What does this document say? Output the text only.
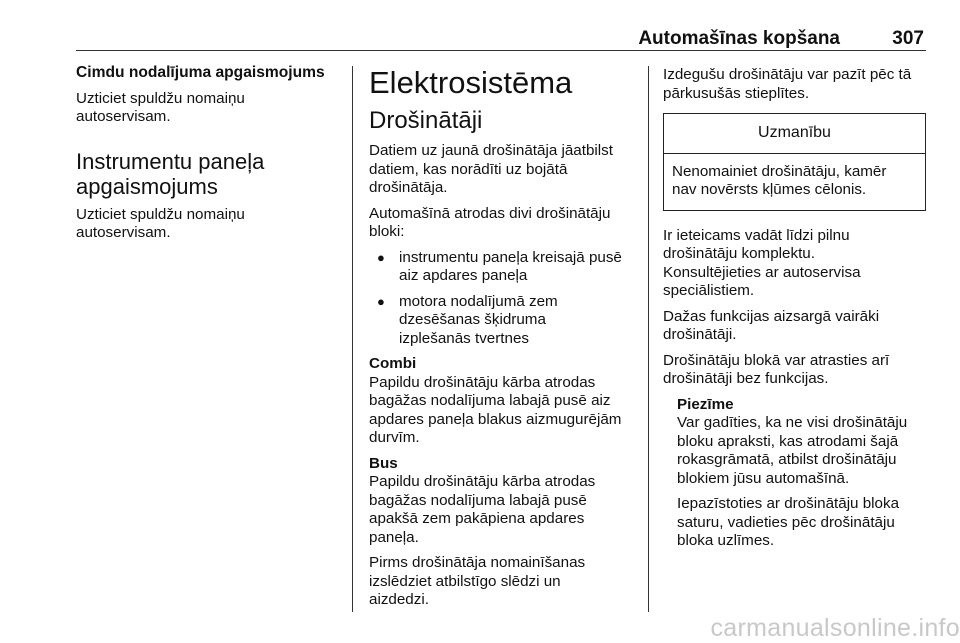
Automašīnas kopšana	307

Cimdu nodalījuma apgaismojums

Uzticiet spuldžu nomaiņu
autoservisam.

Instrumentu paneļa
apgaismojums

Uzticiet spuldžu nomaiņu
autoservisam.

Elektrosistēma

Drošinātāji

Datiem uz jaunā drošinātāja jāatbilst
datiem, kas norādīti uz bojātā
drošinātāja.

Automašīnā atrodas divi drošinātāju
bloki:

● instrumentu paneļa kreisajā pusē
aiz apdares paneļa
● motora nodalījumā zem
dzesēšanas šķidruma
izplešanās tvertnes

Combi

Papildu drošinātāju kārba atrodas
bagāžas nodalījuma labajā pusē aiz
apdares paneļa blakus aizmugurējām
durvīm.

Bus

Papildu drošinātāju kārba atrodas
bagāžas nodalījuma labajā pusē
apakšā zem pakāpiena apdares
paneļa.

Pirms drošinātāja nomainīšanas
izslēdziet atbilstīgo slēdzi un
aizdedzi.

Izdegušu drošinātāju var pazīt pēc tā
pārkusušās stieplītes.

Uzmanību
Nenomainiet drošinātāju, kamēr
nav novērsts kļūmes cēlonis.

Ir ieteicams vadāt līdzi pilnu
drošinātāju komplektu.
Konsultējieties ar autoservisa
speciālistiem.

Dažas funkcijas aizsargā vairāki
drošinātāji.

Drošinātāju blokā var atrasties arī
drošinātāji bez funkcijas.

Piezīme

Var gadīties, ka ne visi drošinātāju
bloku apraksti, kas atrodami šajā
rokasgrāmatā, atbilst drošinātāju
blokiem jūsu automašīnā.

Iepazīstoties ar drošinātāju bloka
saturu, vadieties pēc drošinātāju
bloka uzlīmes.

carmanualsonline.info
